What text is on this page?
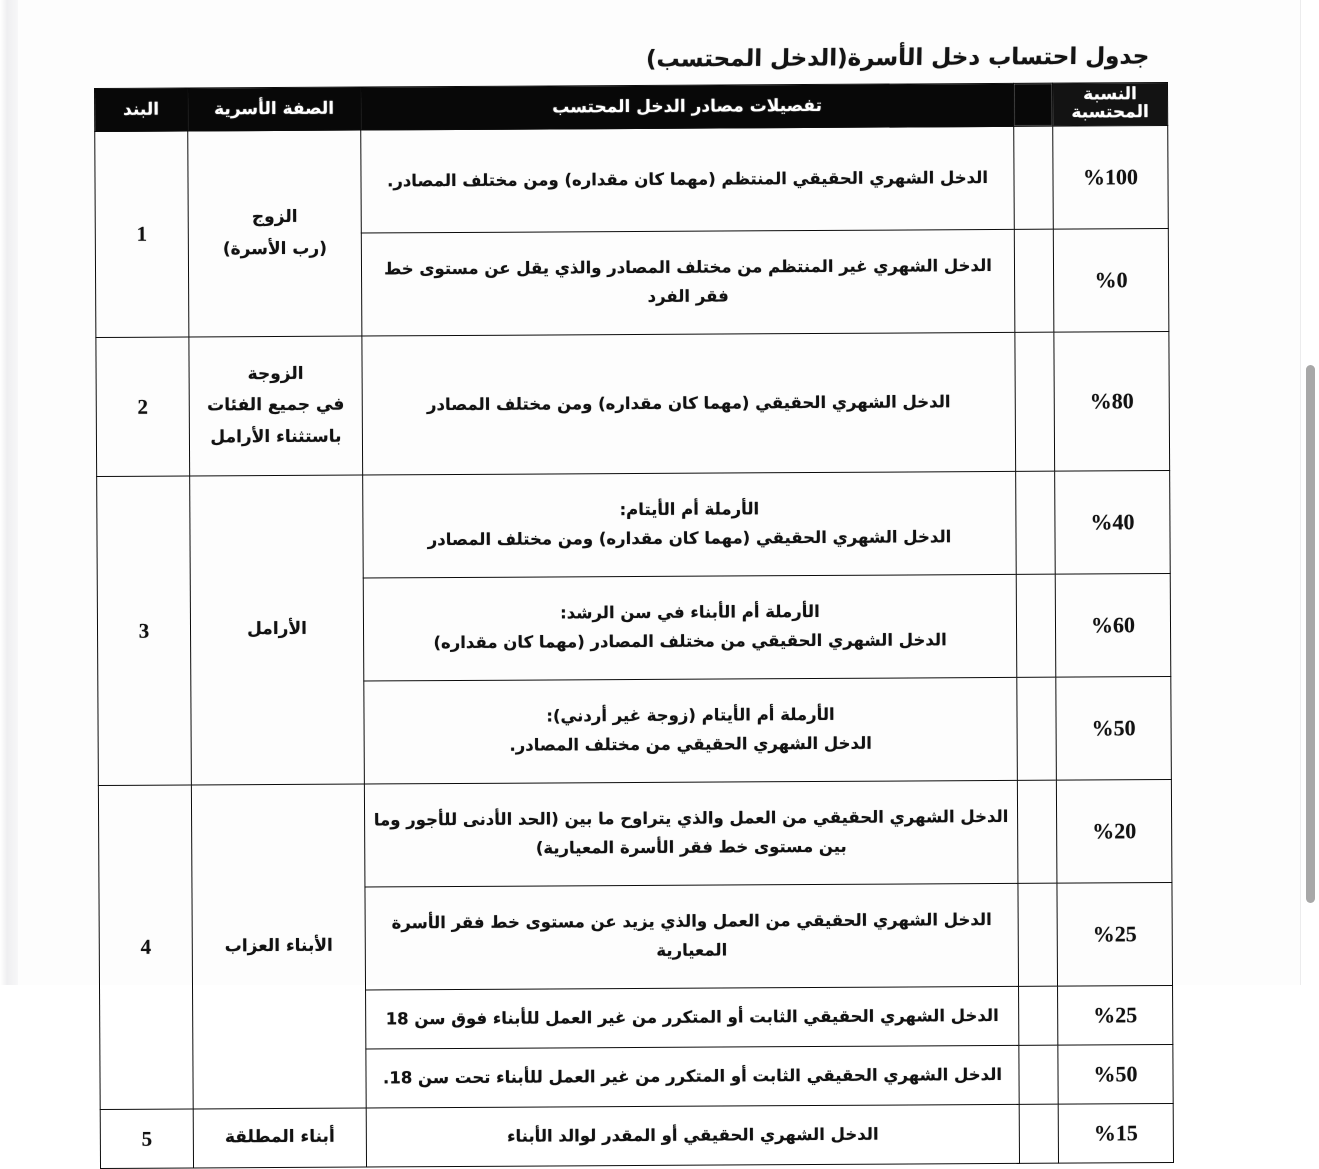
جدول احتساب دخل الأسرة(الدخل المحتسب)
النسبة المحتسبة		تفصيلات مصادر الدخل المحتسب	الصفة الأسرية	البند
%100		الدخل الشهري الحقيقي المنتظم (مهما كان مقداره) ومن مختلف المصادر.	الزوج
(رب الأسرة)	1
%0		الدخل الشهري غير المنتظم من مختلف المصادر والذي يقل عن مستوى خط فقر الفرد		
%80		الدخل الشهري الحقيقي (مهما كان مقداره) ومن مختلف المصادر	الزوجة
في جميع الفئات
باستثناء الأرامل	2
%40		الأرملة أم الأيتام:
الدخل الشهري الحقيقي (مهما كان مقداره) ومن مختلف المصادر	الأرامل	3
%60		الأرملة أم الأبناء في سن الرشد:
الدخل الشهري الحقيقي من مختلف المصادر (مهما كان مقداره)		
%50		الأرملة أم الأيتام (زوجة غير أردني):
الدخل الشهري الحقيقي من مختلف المصادر.		
%20		الدخل الشهري الحقيقي من العمل والذي يتراوح ما بين (الحد الأدنى للأجور وما بين مستوى خط فقر الأسرة المعيارية)	الأبناء العزاب	4
%25		الدخل الشهري الحقيقي من العمل والذي يزيد عن مستوى خط فقر الأسرة المعيارية		
%25		الدخل الشهري الحقيقي الثابت أو المتكرر من غير العمل للأبناء فوق سن 18		
%50		الدخل الشهري الحقيقي الثابت أو المتكرر من غير العمل للأبناء تحت سن 18.		
%15		الدخل الشهري الحقيقي أو المقدر لوالد الأبناء	أبناء المطلقة	5
